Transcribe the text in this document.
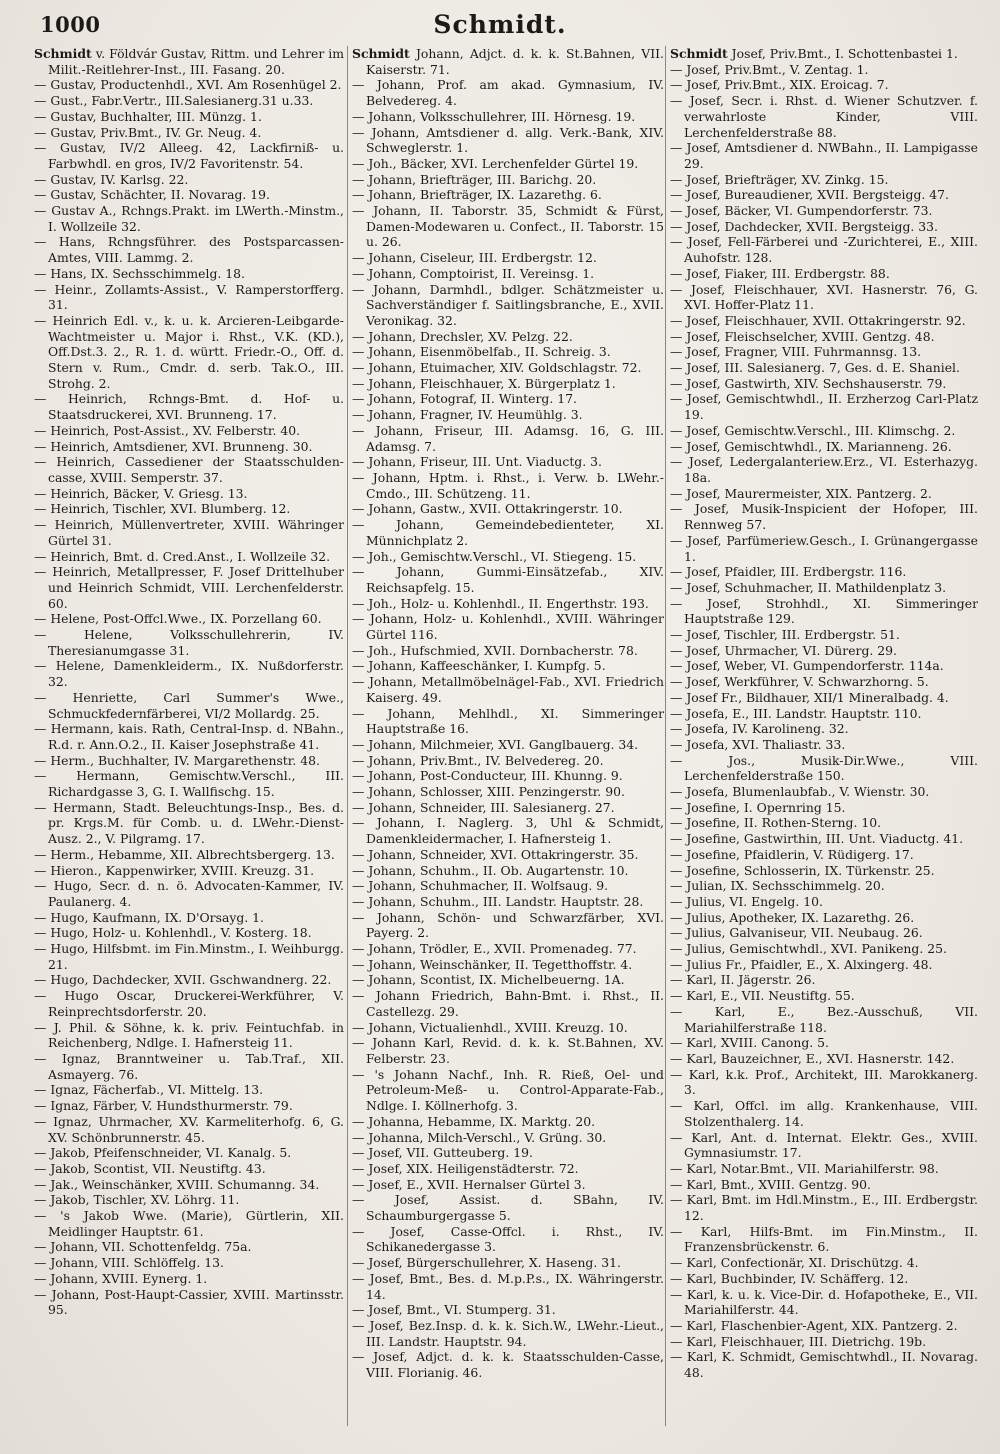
1000	Schmidt.

Schmidt v. Földvár Gustav, Rittm. und Lehrer im Milit.-Reitlehrer-Inst., III. Fasang. 20.

— Gustav, Productenhdl., XVI. Am Rosenhügel 2.

— Gust., Fabr.Vertr., III.Salesianerg.31 u.33.

— Gustav, Buchhalter, III. Münzg. 1.

— Gustav, Priv.Bmt., IV. Gr. Neug. 4.

— Gustav, IV/2 Alleeg. 42, Lackfirniß- u. Farbwhdl. en gros, IV/2 Favoritenstr. 54.

— Gustav, IV. Karlsg. 22.

— Gustav, Schächter, II. Novarag. 19.

— Gustav A., Rchngs.Prakt. im LWerth.-Minstm., I. Wollzeile 32.

— Hans, Rchngsführer. des Postsparcassen-Amtes, VIII. Lammg. 2.

— Hans, IX. Sechsschimmelg. 18.

— Heinr., Zollamts-Assist., V. Ramperstorfferg. 31.

— Heinrich Edl. v., k. u. k. Arcieren-Leibgarde-Wachtmeister u. Major i. Rhst., V.K. (KD.), Off.Dst.3. 2., R. 1. d. württ. Friedr.-O., Off. d. Stern v. Rum., Cmdr. d. serb. Tak.O., III. Strohg. 2.

— Heinrich, Rchngs-Bmt. d. Hof- u. Staatsdruckerei, XVI. Brunneng. 17.

— Heinrich, Post-Assist., XV. Felberstr. 40.

— Heinrich, Amtsdiener, XVI. Brunneng. 30.

— Heinrich, Cassediener der Staatsschulden-casse, XVIII. Semperstr. 37.

— Heinrich, Bäcker, V. Griesg. 13.

— Heinrich, Tischler, XVI. Blumberg. 12.

— Heinrich, Müllenvertreter, XVIII. Währinger Gürtel 31.

— Heinrich, Bmt. d. Cred.Anst., I. Wollzeile 32.

— Heinrich, Metallpresser, F. Josef Drittelhuber und Heinrich Schmidt, VIII. Lerchenfelderstr. 60.

— Helene, Post-Offcl.Wwe., IX. Porzellang 60.

— Helene, Volksschullehrerin, IV. Theresianumgasse 31.

— Helene, Damenkleiderm., IX. Nußdorferstr. 32.

— Henriette, Carl Summer's Wwe., Schmuckfedernfärberei, VI/2 Mollardg. 25.

— Hermann, kais. Rath, Central-Insp. d. NBahn., R.d. r. Ann.O.2., II. Kaiser Josephstraße 41.

— Herm., Buchhalter, IV. Margarethenstr. 48.

— Hermann, Gemischtw.Verschl., III. Richardgasse 3, G. I. Wallfischg. 15.

— Hermann, Stadt. Beleuchtungs-Insp., Bes. d. pr. Krgs.M. für Comb. u. d. LWehr.-Dienst-Ausz. 2., V. Pilgramg. 17.

— Herm., Hebamme, XII. Albrechtsbergerg. 13.

— Hieron., Kappenwirker, XVIII. Kreuzg. 31.

— Hugo, Secr. d. n. ö. Advocaten-Kammer, IV. Paulanerg. 4.

— Hugo, Kaufmann, IX. D'Orsayg. 1.

— Hugo, Holz- u. Kohlenhdl., V. Kosterg. 18.

— Hugo, Hilfsbmt. im Fin.Minstm., I. Weihburgg. 21.

— Hugo, Dachdecker, XVII. Gschwandnerg. 22.

— Hugo Oscar, Druckerei-Werkführer, V. Reinprechtsdorferstr. 20.

— J. Phil. & Söhne, k. k. priv. Feintuchfab. in Reichenberg, Ndlge. I. Hafnersteig 11.

— Ignaz, Branntweiner u. Tab.Traf., XII. Asmayerg. 76.

— Ignaz, Fächerfab., VI. Mittelg. 13.

— Ignaz, Färber, V. Hundsthurmerstr. 79.

— Ignaz, Uhrmacher, XV. Karmeliterhofg. 6, G. XV. Schönbrunnerstr. 45.

— Jakob, Pfeifenschneider, VI. Kanalg. 5.

— Jakob, Scontist, VII. Neustiftg. 43.

— Jak., Weinschänker, XVIII. Schumanng. 34.

— Jakob, Tischler, XV. Löhrg. 11.

— 's Jakob Wwe. (Marie), Gürtlerin, XII. Meidlinger Hauptstr. 61.

— Johann, VII. Schottenfeldg. 75a.

— Johann, VIII. Schlöffelg. 13.

— Johann, XVIII. Eynerg. 1.

— Johann, Post-Haupt-Cassier, XVIII. Martinsstr. 95.

Schmidt Johann, Adjct. d. k. k. St.Bahnen, VII. Kaiserstr. 71.

— Johann, Prof. am akad. Gymnasium, IV. Belvedereg. 4.

— Johann, Volksschullehrer, III. Hörnesg. 19.

— Johann, Amtsdiener d. allg. Verk.-Bank, XIV. Schweglerstr. 1.

— Joh., Bäcker, XVI. Lerchenfelder Gürtel 19.

— Johann, Briefträger, III. Barichg. 20.

— Johann, Briefträger, IX. Lazarethg. 6.

— Johann, II. Taborstr. 35, Schmidt & Fürst, Damen-Modewaren u. Confect., II. Taborstr. 15 u. 26.

— Johann, Ciseleur, III. Erdbergstr. 12.

— Johann, Comptoirist, II. Vereinsg. 1.

— Johann, Darmhdl., bdlger. Schätzmeister u. Sachverständiger f. Saitlingsbranche, E., XVII. Veronikag. 32.

— Johann, Drechsler, XV. Pelzg. 22.

— Johann, Eisenmöbelfab., II. Schreig. 3.

— Johann, Etuimacher, XIV. Goldschlagstr. 72.

— Johann, Fleischhauer, X. Bürgerplatz 1.

— Johann, Fotograf, II. Winterg. 17.

— Johann, Fragner, IV. Heumühlg. 3.

— Johann, Friseur, III. Adamsg. 16, G. III. Adamsg. 7.

— Johann, Friseur, III. Unt. Viaductg. 3.

— Johann, Hptm. i. Rhst., i. Verw. b. LWehr.-Cmdo., III. Schützeng. 11.

— Johann, Gastw., XVII. Ottakringerstr. 10.

— Johann, Gemeindebedienteter, XI. Münnichplatz 2.

— Joh., Gemischtw.Verschl., VI. Stiegeng. 15.

— Johann, Gummi-Einsätzefab., XIV. Reichsapfelg. 15.

— Joh., Holz- u. Kohlenhdl., II. Engerthstr. 193.

— Johann, Holz- u. Kohlenhdl., XVIII. Währinger Gürtel 116.

— Joh., Hufschmied, XVII. Dornbacherstr. 78.

— Johann, Kaffeeschänker, I. Kumpfg. 5.

— Johann, Metallmöbelnägel-Fab., XVI. Friedrich Kaiserg. 49.

— Johann, Mehlhdl., XI. Simmeringer Hauptstraße 16.

— Johann, Milchmeier, XVI. Ganglbauerg. 34.

— Johann, Priv.Bmt., IV. Belvedereg. 20.

— Johann, Post-Conducteur, III. Khunng. 9.

— Johann, Schlosser, XIII. Penzingerstr. 90.

— Johann, Schneider, III. Salesianerg. 27.

— Johann, I. Naglerg. 3, Uhl & Schmidt, Damenkleidermacher, I. Hafnersteig 1.

— Johann, Schneider, XVI. Ottakringerstr. 35.

— Johann, Schuhm., II. Ob. Augartenstr. 10.

— Johann, Schuhmacher, II. Wolfsaug. 9.

— Johann, Schuhm., III. Landstr. Hauptstr. 28.

— Johann, Schön- und Schwarzfärber, XVI. Payerg. 2.

— Johann, Trödler, E., XVII. Promenadeg. 77.

— Johann, Weinschänker, II. Tegetthoffstr. 4.

— Johann, Scontist, IX. Michelbeuerng. 1A.

— Johann Friedrich, Bahn-Bmt. i. Rhst., II. Castellezg. 29.

— Johann, Victualienhdl., XVIII. Kreuzg. 10.

— Johann Karl, Revid. d. k. k. St.Bahnen, XV. Felberstr. 23.

— 's Johann Nachf., Inh. R. Rieß, Oel- und Petroleum-Meß- u. Control-Apparate-Fab., Ndlge. I. Köllnerhofg. 3.

— Johanna, Hebamme, IX. Marktg. 20.

— Johanna, Milch-Verschl., V. Grüng. 30.

— Josef, VII. Gutteuberg. 19.

— Josef, XIX. Heiligenstädterstr. 72.

— Josef, E., XVII. Hernalser Gürtel 3.

— Josef, Assist. d. SBahn, IV. Schaumburgergasse 5.

— Josef, Casse-Offcl. i. Rhst., IV. Schikanedergasse 3.

— Josef, Bürgerschullehrer, X. Haseng. 31.

— Josef, Bmt., Bes. d. M.p.P.s., IX. Währingerstr. 14.

— Josef, Bmt., VI. Stumperg. 31.

— Josef, Bez.Insp. d. k. k. Sich.W., LWehr.-Lieut., III. Landstr. Hauptstr. 94.

— Josef, Adjct. d. k. k. Staatsschulden-Casse, VIII. Florianig. 46.

Schmidt Josef, Priv.Bmt., I. Schottenbastei 1.

— Josef, Priv.Bmt., V. Zentag. 1.

— Josef, Priv.Bmt., XIX. Eroicag. 7.

— Josef, Secr. i. Rhst. d. Wiener Schutzver. f. verwahrloste Kinder, VIII. Lerchenfelderstraße 88.

— Josef, Amtsdiener d. NWBahn., II. Lampigasse 29.

— Josef, Briefträger, XV. Zinkg. 15.

— Josef, Bureaudiener, XVII. Bergsteigg. 47.

— Josef, Bäcker, VI. Gumpendorferstr. 73.

— Josef, Dachdecker, XVII. Bergsteigg. 33.

— Josef, Fell-Färberei und -Zurichterei, E., XIII. Auhofstr. 128.

— Josef, Fiaker, III. Erdbergstr. 88.

— Josef, Fleischhauer, XVI. Hasnerstr. 76, G. XVI. Hoffer-Platz 11.

— Josef, Fleischhauer, XVII. Ottakringerstr. 92.

— Josef, Fleischselcher, XVIII. Gentzg. 48.

— Josef, Fragner, VIII. Fuhrmannsg. 13.

— Josef, III. Salesianerg. 7, Ges. d. E. Shaniel.

— Josef, Gastwirth, XIV. Sechshauserstr. 79.

— Josef, Gemischtwhdl., II. Erzherzog Carl-Platz 19.

— Josef, Gemischtw.Verschl., III. Klimschg. 2.

— Josef, Gemischtwhdl., IX. Marianneng. 26.

— Josef, Ledergalanteriew.Erz., VI. Esterhazyg. 18a.

— Josef, Maurermeister, XIX. Pantzerg. 2.

— Josef, Musik-Inspicient der Hofoper, III. Rennweg 57.

— Josef, Parfümeriew.Gesch., I. Grünangergasse 1.

— Josef, Pfaidler, III. Erdbergstr. 116.

— Josef, Schuhmacher, II. Mathildenplatz 3.

— Josef, Strohhdl., XI. Simmeringer Hauptstraße 129.

— Josef, Tischler, III. Erdbergstr. 51.

— Josef, Uhrmacher, VI. Dürerg. 29.

— Josef, Weber, VI. Gumpendorferstr. 114a.

— Josef, Werkführer, V. Schwarzhorng. 5.

— Josef Fr., Bildhauer, XII/1 Mineralbadg. 4.

— Josefa, E., III. Landstr. Hauptstr. 110.

— Josefa, IV. Karolineng. 32.

— Josefa, XVI. Thaliastr. 33.

— Jos., Musik-Dir.Wwe., VIII. Lerchenfelderstraße 150.

— Josefa, Blumenlaubfab., V. Wienstr. 30.

— Josefine, I. Opernring 15.

— Josefine, II. Rothen-Sterng. 10.

— Josefine, Gastwirthin, III. Unt. Viaductg. 41.

— Josefine, Pfaidlerin, V. Rüdigerg. 17.

— Josefine, Schlosserin, IX. Türkenstr. 25.

— Julian, IX. Sechsschimmelg. 20.

— Julius, VI. Engelg. 10.

— Julius, Apotheker, IX. Lazarethg. 26.

— Julius, Galvaniseur, VII. Neubaug. 26.

— Julius, Gemischtwhdl., XVI. Panikeng. 25.

— Julius Fr., Pfaidler, E., X. Alxingerg. 48.

— Karl, II. Jägerstr. 26.

— Karl, E., VII. Neustiftg. 55.

— Karl, E., Bez.-Ausschuß, VII. Mariahilferstraße 118.

— Karl, XVIII. Canong. 5.

— Karl, Bauzeichner, E., XVI. Hasnerstr. 142.

— Karl, k.k. Prof., Architekt, III. Marokkanerg. 3.

— Karl, Offcl. im allg. Krankenhause, VIII. Stolzenthalerg. 14.

— Karl, Ant. d. Internat. Elektr. Ges., XVIII. Gymnasiumstr. 17.

— Karl, Notar.Bmt., VII. Mariahilferstr. 98.

— Karl, Bmt., XVIII. Gentzg. 90.

— Karl, Bmt. im Hdl.Minstm., E., III. Erdbergstr. 12.

— Karl, Hilfs-Bmt. im Fin.Minstm., II. Franzensbrückenstr. 6.

— Karl, Confectionär, XI. Drischützg. 4.

— Karl, Buchbinder, IV. Schäfferg. 12.

— Karl, k. u. k. Vice-Dir. d. Hofapotheke, E., VII. Mariahilferstr. 44.

— Karl, Flaschenbier-Agent, XIX. Pantzerg. 2.

— Karl, Fleischhauer, III. Dietrichg. 19b.

— Karl, K. Schmidt, Gemischtwhdl., II. Novarag. 48.
